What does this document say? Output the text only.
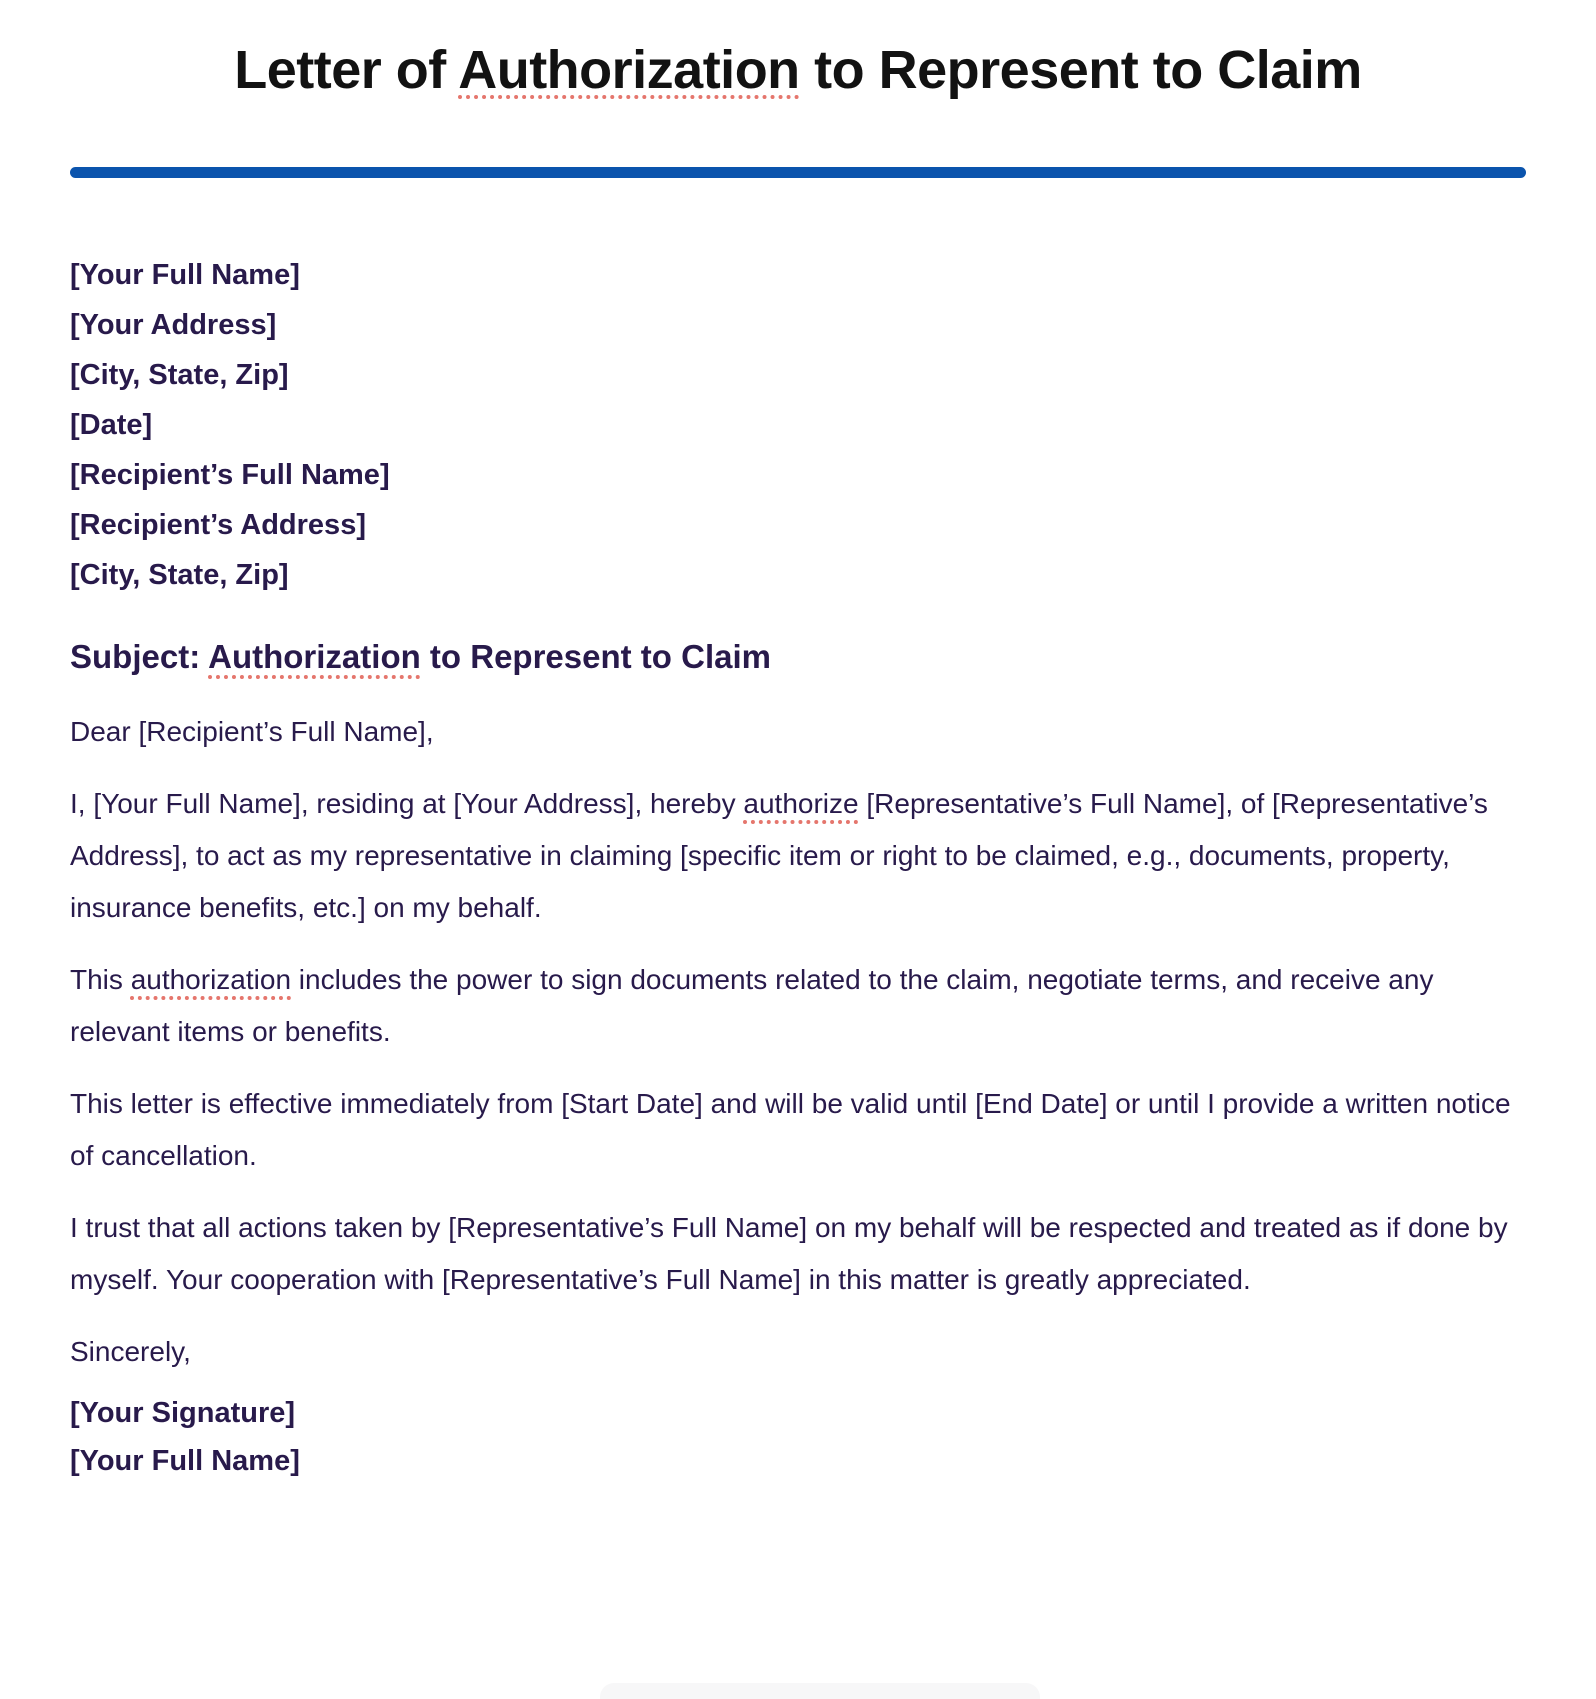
Letter of Authorization to Represent to Claim

[Your Full Name]

[Your Address]

[City, State, Zip]

[Date]

[Recipient’s Full Name]

[Recipient’s Address]

[City, State, Zip]

Subject: Authorization to Represent to Claim

Dear [Recipient’s Full Name],

I, [Your Full Name], residing at [Your Address], hereby authorize [Representative’s Full Name], of [Representative’s Address], to act as my representative in claiming [specific item or right to be claimed, e.g., documents, property, insurance benefits, etc.] on my behalf.

This authorization includes the power to sign documents related to the claim, negotiate terms, and receive any relevant items or benefits.

This letter is effective immediately from [Start Date] and will be valid until [End Date] or until I provide a written notice of cancellation.

I trust that all actions taken by [Representative’s Full Name] on my behalf will be respected and treated as if done by myself. Your cooperation with [Representative’s Full Name] in this matter is greatly appreciated.

Sincerely,

[Your Signature]

[Your Full Name]
